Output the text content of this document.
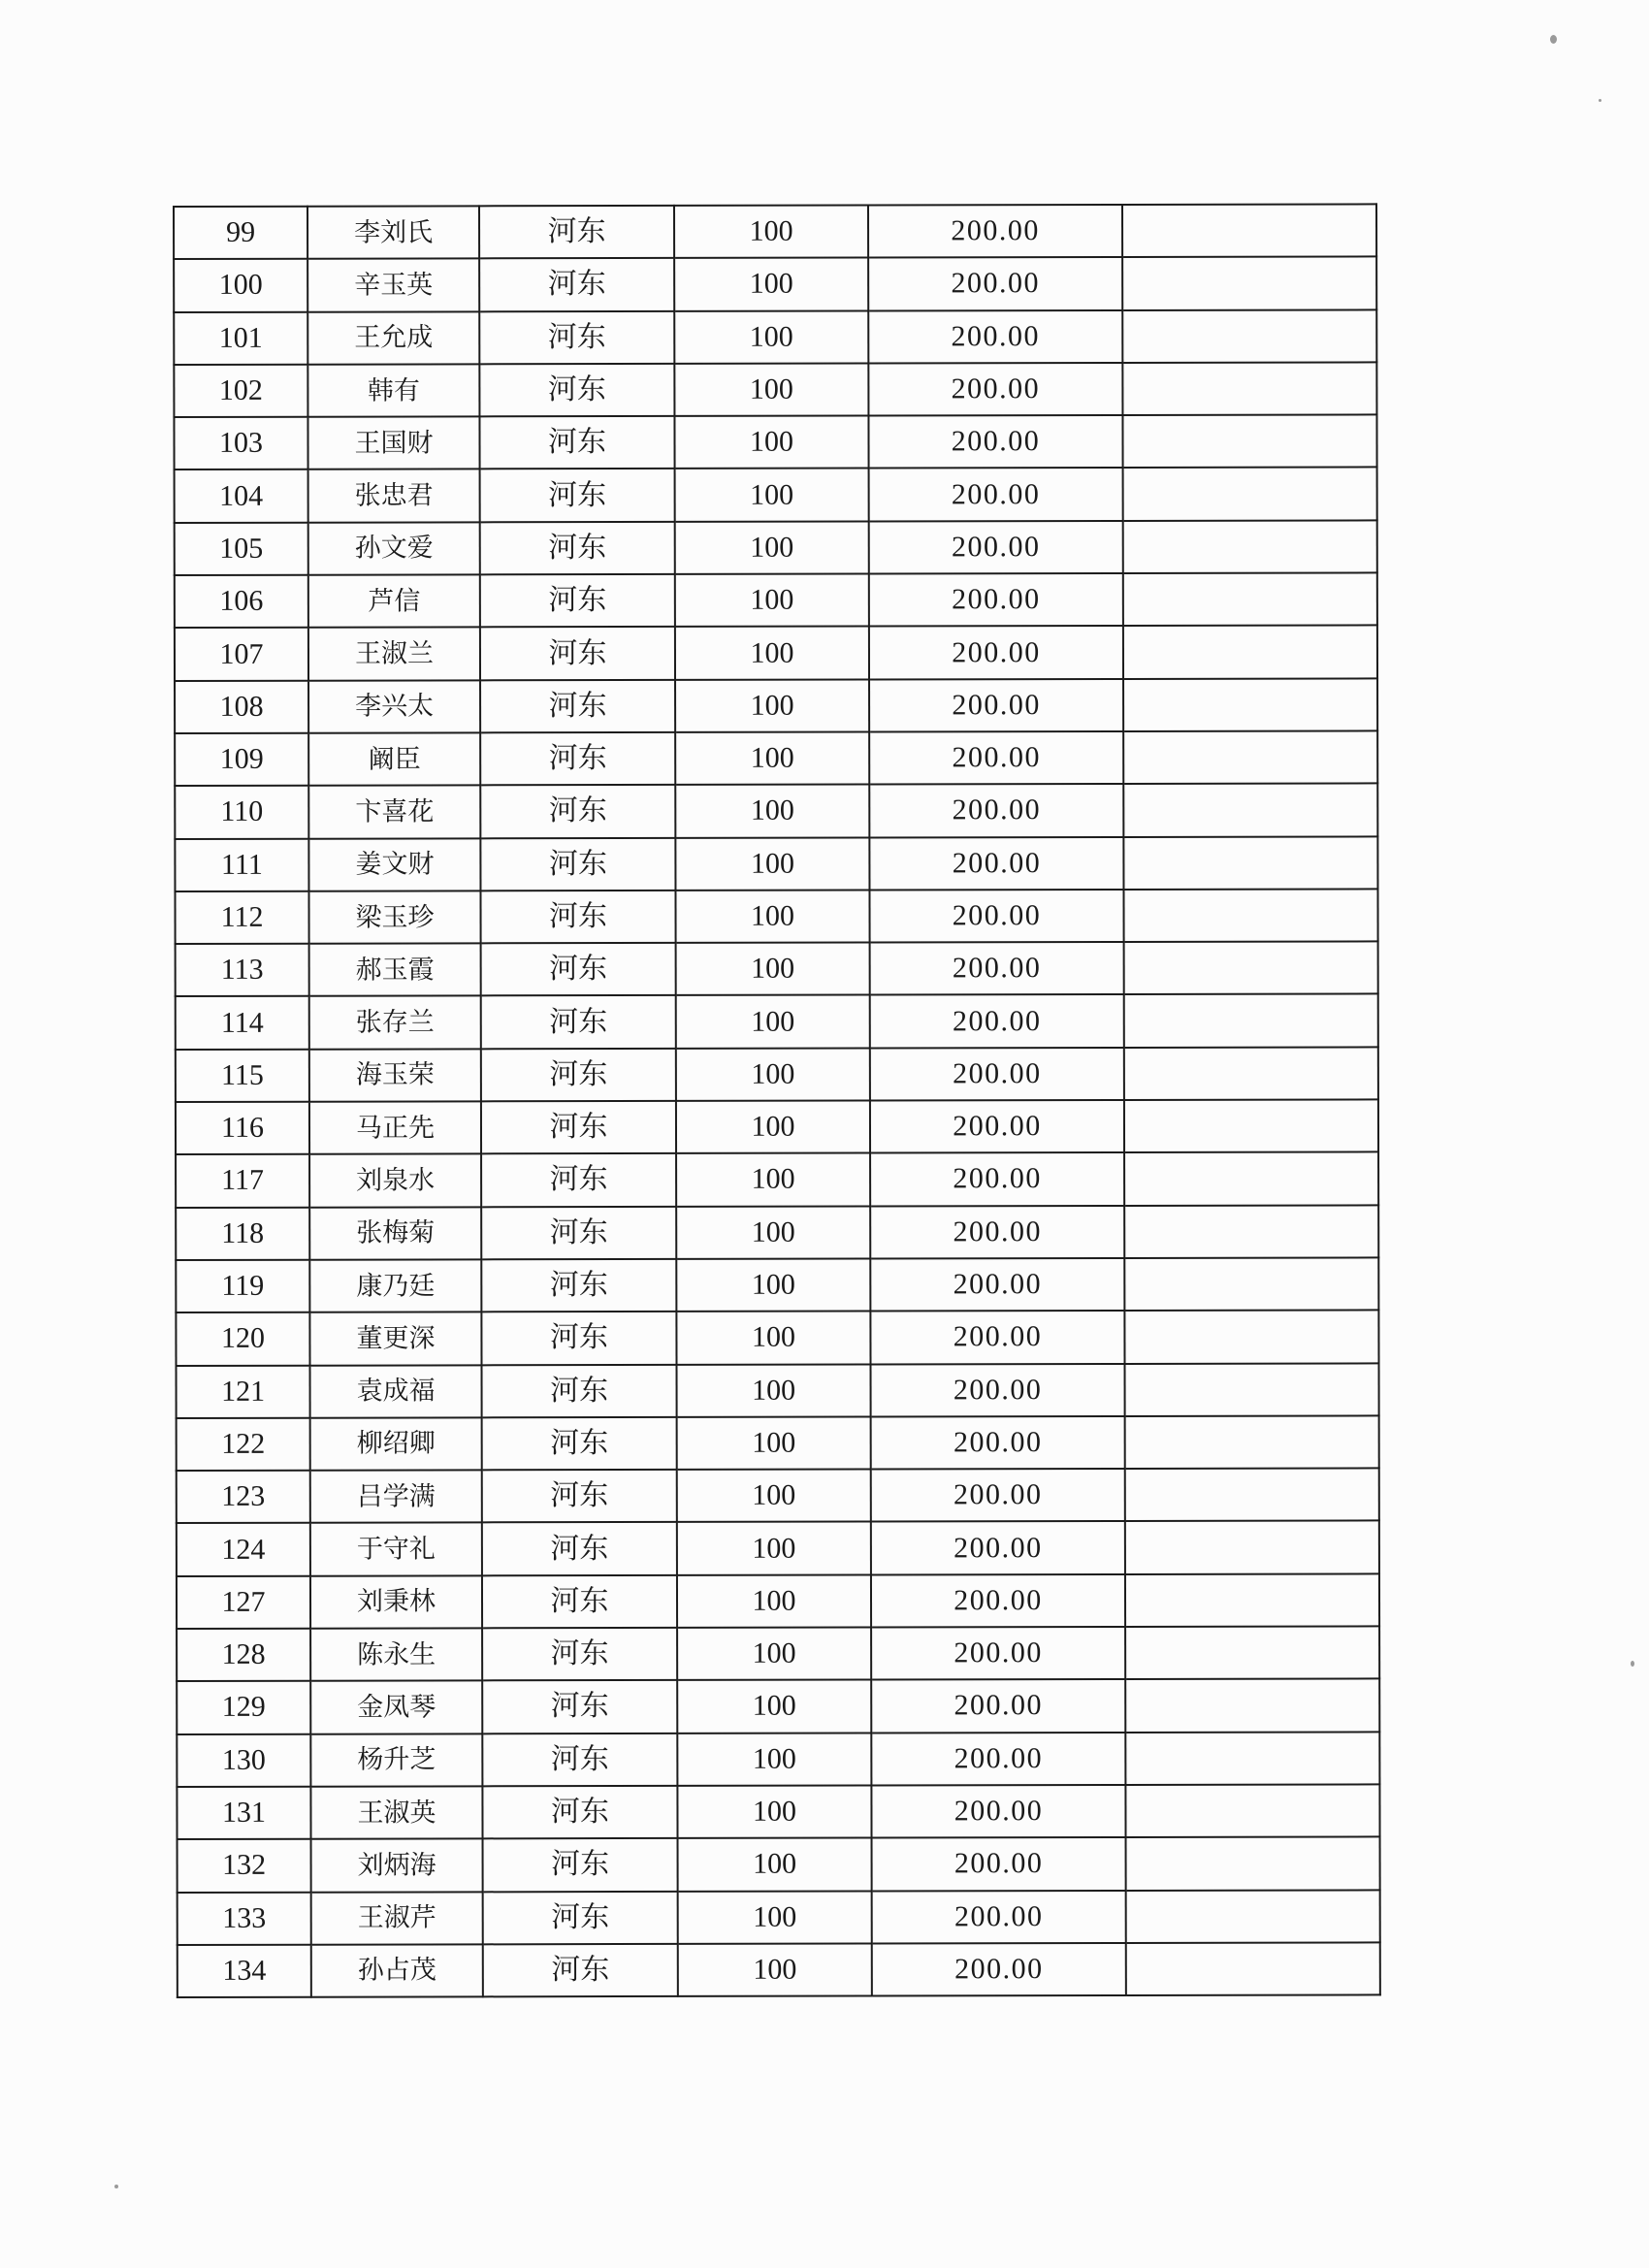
99	李刘氏	河东	100	200.00	
100	辛玉英	河东	100	200.00	
101	王允成	河东	100	200.00	
102	韩有	河东	100	200.00	
103	王国财	河东	100	200.00	
104	张忠君	河东	100	200.00	
105	孙文爱	河东	100	200.00	
106	芦信	河东	100	200.00	
107	王淑兰	河东	100	200.00	
108	李兴太	河东	100	200.00	
109	阚臣	河东	100	200.00	
110	卞喜花	河东	100	200.00	
111	姜文财	河东	100	200.00	
112	梁玉珍	河东	100	200.00	
113	郝玉霞	河东	100	200.00	
114	张存兰	河东	100	200.00	
115	海玉荣	河东	100	200.00	
116	马正先	河东	100	200.00	
117	刘泉水	河东	100	200.00	
118	张梅菊	河东	100	200.00	
119	康乃廷	河东	100	200.00	
120	董更深	河东	100	200.00	
121	袁成福	河东	100	200.00	
122	柳绍卿	河东	100	200.00	
123	吕学满	河东	100	200.00	
124	于守礼	河东	100	200.00	
127	刘秉林	河东	100	200.00	
128	陈永生	河东	100	200.00	
129	金凤琴	河东	100	200.00	
130	杨升芝	河东	100	200.00	
131	王淑英	河东	100	200.00	
132	刘炳海	河东	100	200.00	
133	王淑芹	河东	100	200.00	
134	孙占茂	河东	100	200.00	
